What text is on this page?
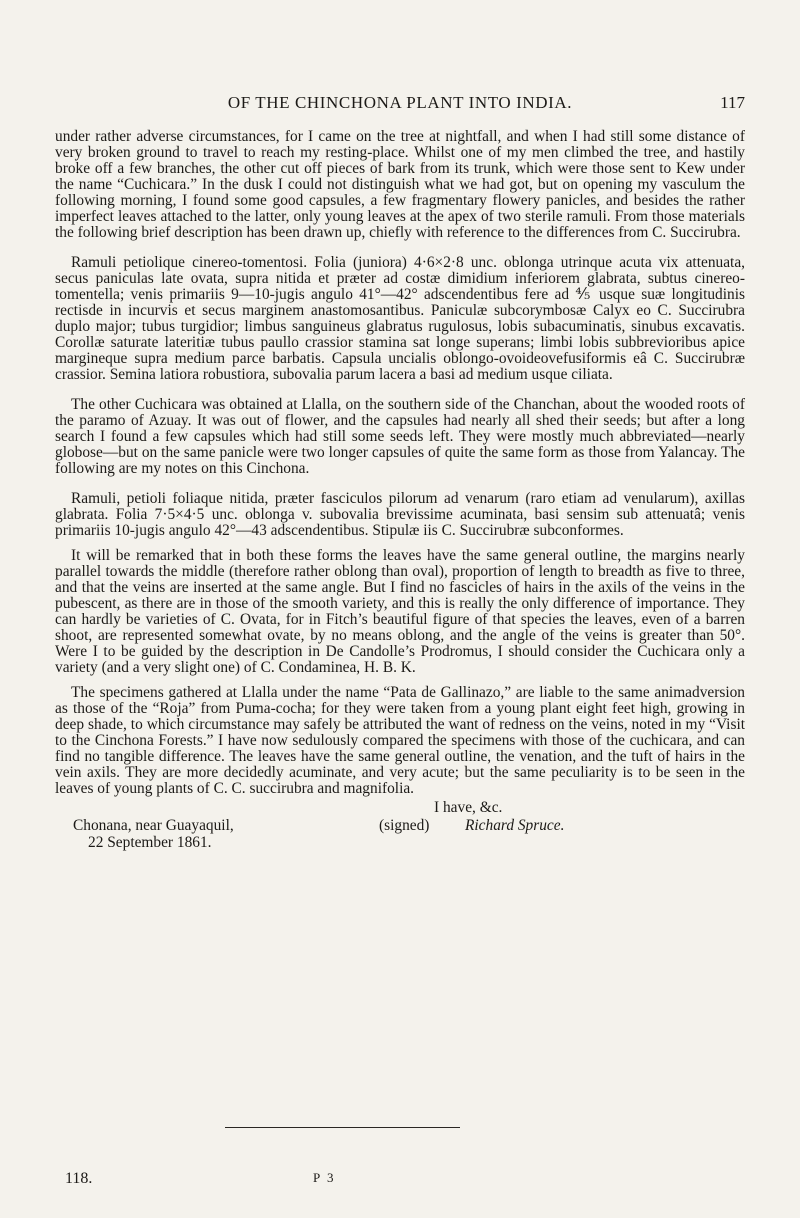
OF THE CHINCHONA PLANT INTO INDIA.	117

under rather adverse circumstances, for I came on the tree at nightfall, and when I had still some distance of very broken ground to travel to reach my resting-place. Whilst one of my men climbed the tree, and hastily broke off a few branches, the other cut off pieces of bark from its trunk, which were those sent to Kew under the name “Cuchicara.” In the dusk I could not distinguish what we had got, but on opening my vasculum the following morning, I found some good capsules, a few fragmentary flowery panicles, and besides the rather imperfect leaves attached to the latter, only young leaves at the apex of two sterile ramuli. From those materials the following brief description has been drawn up, chiefly with reference to the differences from C. Succirubra.

Ramuli petiolique cinereo-tomentosi. Folia (juniora) 4·6×2·8 unc. oblonga utrinque acuta vix attenuata, secus paniculas late ovata, supra nitida et præter ad costæ dimidium inferiorem glabrata, subtus cinereo-tomentella; venis primariis 9—10-jugis angulo 41°—42° adscendentibus fere ad ⅘ usque suæ longitudinis rectisde in incurvis et secus marginem anastomosantibus. Paniculæ subcorymbosæ Calyx eo C. Succirubra duplo major; tubus turgidior; limbus sanguineus glabratus rugulosus, lobis subacuminatis, sinubus excavatis. Corollæ saturate lateritiæ tubus paullo crassior stamina sat longe superans; limbi lobis subbrevioribus apice margineque supra medium parce barbatis. Capsula uncialis oblongo-ovoideovefusiformis eâ C. Succirubræ crassior. Semina latiora robustiora, subovalia parum lacera a basi ad medium usque ciliata.

The other Cuchicara was obtained at Llalla, on the southern side of the Chanchan, about the wooded roots of the paramo of Azuay. It was out of flower, and the capsules had nearly all shed their seeds; but after a long search I found a few capsules which had still some seeds left. They were mostly much abbreviated—nearly globose—but on the same panicle were two longer capsules of quite the same form as those from Yalancay. The following are my notes on this Cinchona.

Ramuli, petioli foliaque nitida, præter fasciculos pilorum ad venarum (raro etiam ad venularum), axillas glabrata. Folia 7·5×4·5 unc. oblonga v. subovalia brevissime acuminata, basi sensim sub attenuatâ; venis primariis 10-jugis angulo 42°—43 adscendentibus. Stipulæ iis C. Succirubræ subconformes.

It will be remarked that in both these forms the leaves have the same general outline, the margins nearly parallel towards the middle (therefore rather oblong than oval), proportion of length to breadth as five to three, and that the veins are inserted at the same angle. But I find no fascicles of hairs in the axils of the veins in the pubescent, as there are in those of the smooth variety, and this is really the only difference of importance. They can hardly be varieties of C. Ovata, for in Fitch’s beautiful figure of that species the leaves, even of a barren shoot, are represented somewhat ovate, by no means oblong, and the angle of the veins is greater than 50°. Were I to be guided by the description in De Candolle’s Prodromus, I should consider the Cuchicara only a variety (and a very slight one) of C. Condaminea, H. B. K.

The specimens gathered at Llalla under the name “Pata de Gallinazo,” are liable to the same animadversion as those of the “Roja” from Puma-cocha; for they were taken from a young plant eight feet high, growing in deep shade, to which circumstance may safely be attributed the want of redness on the veins, noted in my “Visit to the Cinchona Forests.” I have now sedulously compared the specimens with those of the cuchicara, and can find no tangible difference. The leaves have the same general outline, the venation, and the tuft of hairs in the vein axils. They are more decidedly acuminate, and very acute; but the same peculiarity is to be seen in the leaves of young plants of C. C. succirubra and magnifolia.

I have, &c.
(signed) Richard Spruce.
Chonana, near Guayaquil,
22 September 1861.
118.	P 3
